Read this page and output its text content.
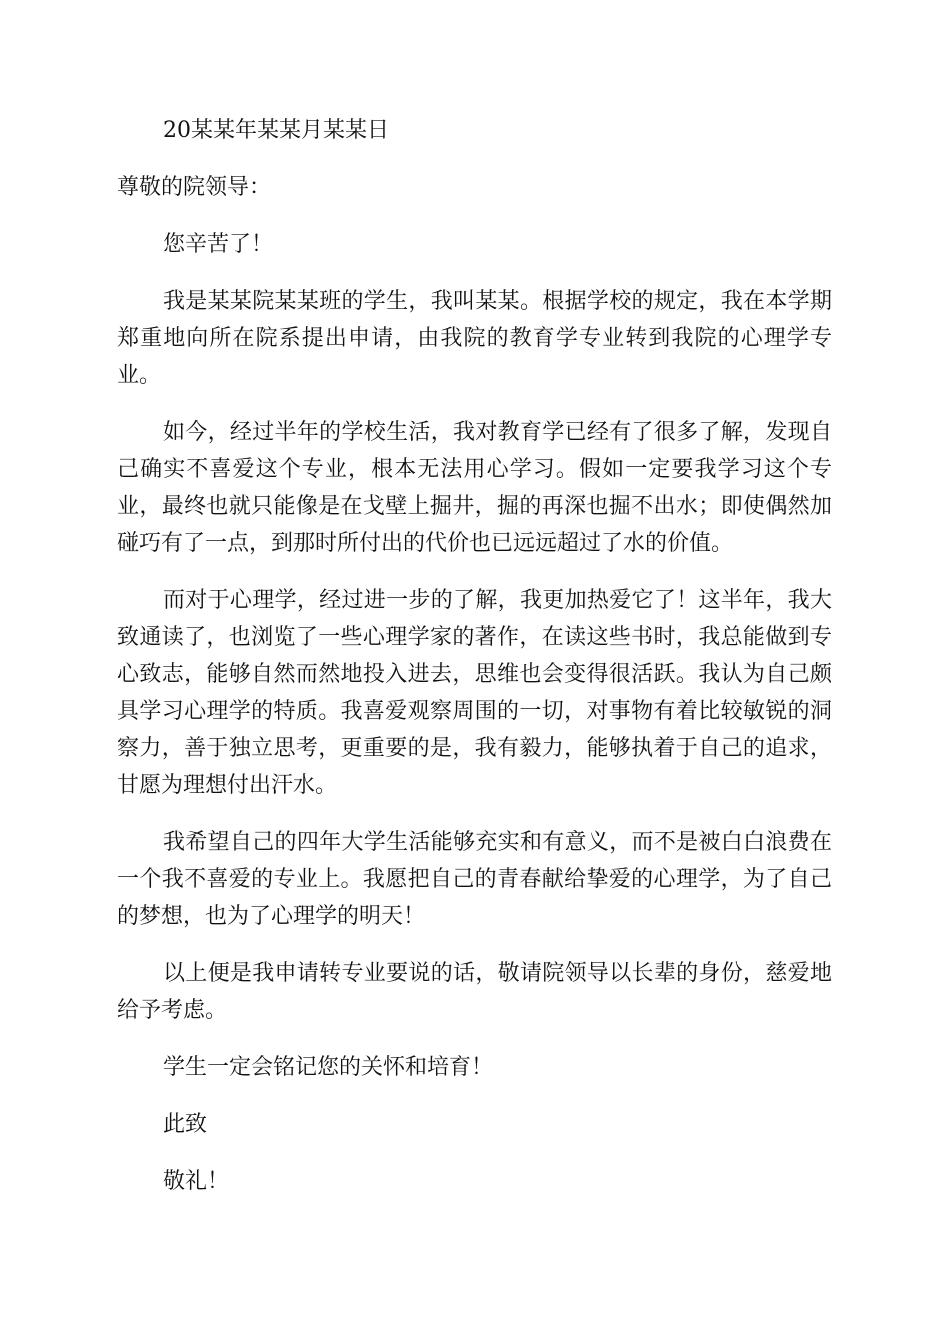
20某某年某某月某某日

尊敬的院领导：

您辛苦了！

我是某某院某某班的学生，我叫某某。根据学校的规定，我在本学期郑重地向所在院系提出申请，由我院的教育学专业转到我院的心理学专业。

如今，经过半年的学校生活，我对教育学已经有了很多了解，发现自己确实不喜爱这个专业，根本无法用心学习。假如一定要我学习这个专业，最终也就只能像是在戈壁上掘井，掘的再深也掘不出水；即使偶然加碰巧有了一点，到那时所付出的代价也已远远超过了水的价值。

而对于心理学，经过进一步的了解，我更加热爱它了！这半年，我大致通读了，也浏览了一些心理学家的著作，在读这些书时，我总能做到专心致志，能够自然而然地投入进去，思维也会变得很活跃。我认为自己颇具学习心理学的特质。我喜爱观察周围的一切，对事物有着比较敏锐的洞察力，善于独立思考，更重要的是，我有毅力，能够执着于自己的追求，甘愿为理想付出汗水。

我希望自己的四年大学生活能够充实和有意义，而不是被白白浪费在一个我不喜爱的专业上。我愿把自己的青春献给挚爱的心理学，为了自己的梦想，也为了心理学的明天！

以上便是我申请转专业要说的话，敬请院领导以长辈的身份，慈爱地给予考虑。

学生一定会铭记您的关怀和培育！

此致

敬礼！
